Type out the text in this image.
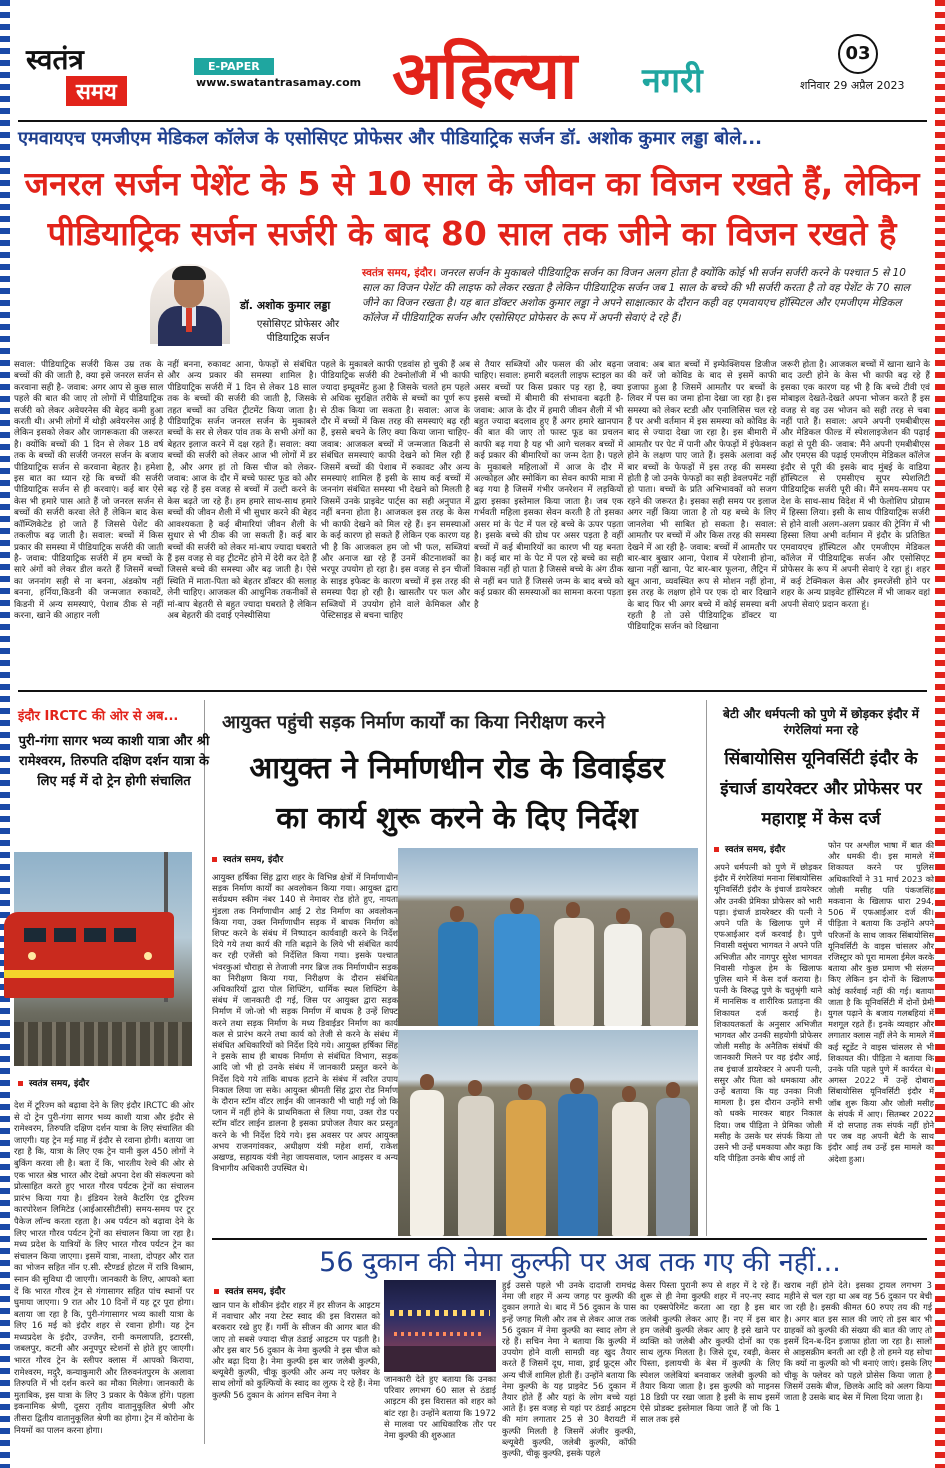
स्वतंत्र
समय
E-PAPER
www.swatantrasamay.com अहिल्या नगरी
03
शनिवार 29 अप्रैल 2023
एमवायएच एमजीएम मेडिकल कॉलेज के एसोसिएट प्रोफेसर और पीडियाट्रिक सर्जन डॉ. अशोक कुमार लड्डा बोले...
जनरल सर्जन पेशेंट के 5 से 10 साल के जीवन का विजन रखते हैं, लेकिन
पीडियाट्रिक सर्जन सर्जरी के बाद 80 साल तक जीने का विजन रखते है
डॉ. अशोक कुमार लड्डा
एसोसिएट प्रोफेसर और पीडियाट्रिक सर्जन
स्वतंत्र समय, इंदौर। जनरल सर्जन के मुकाबले पीडियाट्रिक सर्जन का विजन अलग होता है क्योंकि कोई भी सर्जन सर्जरी करने के पश्चात 5 से 10 साल का विजन पेशेंट की लाइफ को लेकर रखता है लेकिन पीडियाट्रिक सर्जन जब 1 साल के बच्चे की भी सर्जरी करता है तो वह पेशेंट के 70 साल जीने का विजन रखता है। यह बात डॉक्टर अशोक कुमार लड्डा ने अपने साक्षात्कार के दौरान कही वह एमवायएच हॉस्पिटल और एमजीएम मेडिकल कॉलेज में पीडियाट्रिक सर्जन और एसोसिएट प्रोफेसर के रूप में अपनी सेवाएं दे रहे हैं।
सवाल: पीडियाट्रिक सर्जरी किस उम्र तक के बच्चों की की जाती है, क्या इसे जनरल सर्जन से करवाना सही है- जवाब: अगर आप से कुछ साल पहले की बात की जाए तो लोगों में पीडियाट्रिक सर्जरी को लेकर अवेयरनेस की बेहद कमी हुआ करती थी। अभी लोगों में थोड़ी अवेयरनेस आई है लेकिन इसको लेकर और जागरूकता की जरूरत है। क्योंकि बच्चों की 1 दिन से लेकर 18 वर्ष तक के बच्चों की सर्जरी जनरल सर्जन के बजाय पीडियाट्रिक सर्जन से करवाना बेहतर है। हमेशा इस बात का ध्यान रहे कि बच्चों की सर्जरी पीडियाट्रिक सर्जन से ही करवाएं। कई बार ऐसे केस भी हमारे पास आते हैं जो जनरल सर्जन से बच्चों की सर्जरी करवा लेते हैं लेकिन बाद केस कॉम्प्लिकेटेड हो जाते हैं जिससे पेशेंट की तकलीफ बढ़ जाती है। सवाल: बच्चों में किस प्रकार की समस्या में पीडियाट्रिक सर्जरी की जाती है- जवाब: पीडियाट्रिक सर्जरी में हम बच्चों के सारे अंगों को लेकर डील करते हैं जिसमें बच्चों का जननांग सही से ना बनना, अंडकोष नहीं बनना, हर्निया,किडनी की जन्मजात रुकावटें, किडनी में अन्य समस्याएं, पेशाब ठीक से नहीं करना, खाने की आहार नली
नहीं बनना, रुकावट आना, फेफड़ों से संबंधित और अन्य प्रकार की समस्या शामिल है। पीडियाट्रिक सर्जरी में 1 दिन से लेकर 18 साल तक के बच्चों की सर्जरी की जाती है, जिसके तहत बच्चों का उचित ट्रीटमेंट किया जाता है। पीडियाट्रिक सर्जन जनरल सर्जन के मुकाबले बच्चों के सर से लेकर पांव तक के सभी अंगों का बेहतर इलाज करने में दक्ष रहते हैं। सवाल: क्या बच्चों की सर्जरी को लेकर आज भी लोगों में डर है, और अगर हां तो किस चीज को लेकर- जवाब: आज के दौर में बच्चे फास्ट फूड को और बढ़ रहे हैं इस वजह से बच्चों में उल्टी करने के केस बढ़ते जा रहे हैं। हम हमारे साथ-साथ हमारे बच्चों की जीवन शैली में भी सुधार करने की बेहद आवश्यकता है कई बीमारियां जीवन शैली के सुधार से भी ठीक की जा सकती हैं। कई बार बच्चों की सर्जरी को लेकर मां-बाप ज्यादा घबराते हैं इस वजह से वह ट्रीटमेंट होने में देरी कर देते हैं जिससे बच्चे की समस्या और बढ़ जाती है। ऐसे स्थिति में माता-पिता को बेहतर डॉक्टर की सलाह लेनी चाहिए। आजकल की आधुनिक तकनीकों से मां-बाप बेहतरी से बहुत ज्यादा घबराते है लेकिन अब बेहतरी की दवाई एनेस्थीसिया
पहले के मुकाबले काफी एडवांस हो चुकी हैं अब पीडियाट्रिक सर्जरी की टेक्नोलॉजी में भी काफी ज्यादा इम्प्रूवमेंट हुआ है जिसके चलते हम पहले से अधिक सुरक्षित तरीके से बच्चों का पूर्ण रूप से ठीक किया जा सकता है। सवाल: आज के दौर में बच्चों में किस तरह की समस्याएं बढ़ रही हैं, इससे बचने के लिए क्या किया जाना चाहिए- जवाब: आजकल बच्चों में जन्मजात किडनी से संबंधित समस्याएं काफी देखने को मिल रही हैं जिसमें बच्चों की पेशाब में रुकावट और अन्य समस्याएं शामिल हैं इसी के साथ कई बच्चों में जननांग संबंधित समस्या भी देखने को मिलती है जिसमें उनके प्राइवेट पार्ट्स का सही अनुपात में नहीं बनना होता है। आजकल इस तरह के केस भी काफी देखने को मिल रहे हैं। इन समस्याओं के कई कारण हो सकते हैं लेकिन एक कारण यह भी है कि आजकल हम जो भी फल, सब्जियां और अनाज खा रहे हैं उनमें कीटनाशकों का भरपूर उपयोग हो रहा है। इस वजह से इन चीजों के साइड इफेक्ट के कारण बच्चों में इस तरह की समस्या पैदा हो रही है। खासतौर पर फल और सब्जियों में उपयोग होने वाले केमिकल और पेस्टिसाइड से बचना चाहिए
से तैयार सब्जियों और फसल की ओर बढ़ना चाहिए। सवाल: हमारी बदलती लाइफ स्टाइल का असर बच्चों पर किस प्रकार पड़ रहा है, क्या इससे बच्चों में बीमारी की संभावना बढ़ती है- जवाब: आज के दौर में हमारी जीवन शैली में भी बहुत ज्यादा बदलाव हुए हैं अगर हमारे खानपान की बात की जाए तो फास्ट फूड का प्रचलन काफी बढ़ गया है यह भी आगे चलकर बच्चों में कई प्रकार की बीमारियों का जन्म देता है। पहले के मुकाबले महिलाओं में आज के दौर में अल्कोहल और स्मोकिंग का सेवन काफी मात्रा में बढ़ गया है जिसमें गंभीर जनरेशन में लड़कियों द्वारा इसका इस्तेमाल किया जाता है। जब एक गर्भवती महिला इसका सेवन करती है तो इसका असर मां के पेट में पल रहे बच्चे के ऊपर पड़ता है। इसके बच्चे की ग्रोथ पर असर पड़ता है वहीं बच्चों में कई बीमारियों का कारण भी यह बनता है। कई बार मां के पेट में पल रहे बच्चे का सही विकास नहीं हो पाता है जिससे बच्चे के अंग ठीक से नहीं बन पाते हैं जिससे जन्म के बाद बच्चे को कई प्रकार की समस्याओं का सामना करना पड़ता है
जवाब: अब बात बच्चों में इम्फेक्शियस डिजीज की करें जो कोविड के बाद से इसमें काफी इजाफा हुआ है जिसमें आमतौर पर बच्चों के लिवर में पस का जमा होना देखा जा रहा है। इस समस्या को लेकर स्टडी और एनालिसिस चल रहे हैं पर अभी वर्तमान में इस समस्या को कोविड के बाद से ज्यादा देखा जा रहा है। इस बीमारी में आमतौर पर पेट में पानी और फेफड़ों में इंफेक्शन होने के लक्षण पाए जाते हैं। इसके अलावा कई बार बच्चों के फेफड़ों में इस तरह की समस्या होती है जो उनके फेफड़ों का सही डेवलपमेंट नहीं हो पाता। बच्चों के प्रति अभिभावकों को सजग रहने की जरूरत है। इसका सही समय पर इलाज अगर नहीं किया जाता है तो यह बच्चे के लिए जानलेवा भी साबित हो सकता है। सवाल: आमतौर पर बच्चों में और किस तरह की समस्या देखने में आ रही है- जवाब: बच्चों में आमतौर पर बार-बार बुखार आना, पेशाब में परेशानी होना, खाना नहीं खाना, पेट बार-बार फूलना, लैट्रिन में खून आना, व्यवस्थित रूप से मोशन नहीं होना, इस तरह के लक्षण होने पर एक दो बार दिखाने के बाद फिर भी अगर बच्चे में कोई समस्या बनी रहती है तो उसे पीडियाट्रिक डॉक्टर या पीडियाट्रिक सर्जन को दिखाना
जरूरी होता है। आजकल बच्चों में खाना खाने के बाद उल्टी होने के केस भी काफी बढ़ रहे हैं इसका एक कारण यह भी है कि बच्चे टीवी एवं मोबाइल देखते-देखते अपना भोजन करते हैं इस वजह से वह उस भोजन को सही तरह से चबा नहीं पाते हैं। सवाल: अपने अपनी एमबीबीएस और मेडिकल फील्ड में स्पेशलाइजेशन की पढ़ाई कहां से पूरी की- जवाब: मैंने अपनी एमबीबीएस और एमएस की पढ़ाई एमजीएम मेडिकल कॉलेज इंदौर से पूरी की इसके बाद मुंबई के वाडिया हॉस्पिटल से एमसीएच सुपर स्पेशलिटी पीडियाट्रिक सर्जरी पूरी की। मैंने समय-समय पर देश के साथ-साथ विदेश में भी फेलोशिप प्रोग्राम में हिस्सा लिया। इसी के साथ पीडियाट्रिक सर्जरी से होने वाली अलग-अलग प्रकार की ट्रेनिंग में भी हिस्सा लिया अभी वर्तमान में इंदौर के प्रतिष्ठित एमवायएच हॉस्पिटल और एमजीएम मेडिकल कॉलेज में पीडियाट्रिक सर्जन और एसोसिएट प्रोफेसर के रूप में अपनी सेवाएं दे रहा हूं। शहर में कई टेक्निकल केस और इमरजेंसी होने पर शहर के अन्य प्राइवेट हॉस्पिटल में भी जाकर वहां अपनी सेवाएं प्रदान करता हूं।
इंदौर IRCTC की ओर से अब...
पुरी-गंगा सागर भव्य काशी यात्रा और श्री रामेश्वरम, तिरुपति दक्षिण दर्शन यात्रा के लिए मई में दो ट्रेन होगी संचालित
स्वतंत्र समय, इंदौर
देश में टूरिज्म को बढ़ावा देने के लिए इंदौर IRCTC की ओर से दो ट्रेन पुरी-गंगा सागर भव्य काशी यात्रा और इंदौर से रामेश्वरम, तिरुपति दक्षिण दर्शन यात्रा के लिए संचालित की जाएगी। यह ट्रेन मई माह में इंदौर से रवाना होगी। बताया जा रहा है कि, यात्रा के लिए एक ट्रेन यानी कुल 450 लोगों ने बुकिंग करवा ली है। बता दें कि, भारतीय रेल्वे की ओर से एक भारत श्रेष्ठ भारत और देखो अपना देश की संकल्पना को प्रोत्साहित करते हुए भारत गौरव पर्यटक ट्रेनों का संचालन प्रारंभ किया गया है। इंडियन रेलवे कैटरिंग एंड टूरिज्म कारपोरेशन लिमिटेड (आईआरसीटीसी) समय-समय पर टूर पैकेज लॉन्च करता रहता है। अब पर्यटन को बढ़ावा देने के लिए भारत गौरव पर्यटन ट्रेनों का संचालन किया जा रहा है। मध्य प्रदेश के यात्रियों के लिए भारत गौरव पर्यटन ट्रेन का संचालन किया जाएगा। इसमें यात्रा, नाश्ता, दोपहर और रात का भोजन सहित नॉन ए.सी. स्टैण्डर्ड होटल में रात्रि विश्राम, स्नान की सुविधा दी जाएगी। जानकारी के लिए, आपको बता दें कि भारत गौरव ट्रेन से गंगासागर सहित पांच स्थानों पर घुमाया जाएगा। 9 रात और 10 दिनों में यह टूर पूरा होगा। बताया जा रहा है कि, पुरी-गंगासागर भव्य काशी यात्रा के लिए 16 मई को इंदौर शहर से रवाना होगी। यह ट्रेन मध्यप्रदेश के इंदौर, उज्जैन, रानी कमलापति, इटारसी, जबलपुर, कटनी और अनूपपुर स्टेशनों से होते हुए जाएगी। भारत गौरव ट्रेन के स्लीपर क्लास में आपको किराया, रामेश्वरम, मदुरै, कन्याकुमारी और तिरुवनंतपुरम के अलावा तिरुपति में भी दर्शन करने का मौका मिलेगा। जानकारी के मुताबिक, इस यात्रा के लिए 3 प्रकार के पैकेज होंगे। पहला इकनामिक श्रेणी, दूसरा तृतीय वातानुकूलित श्रेणी और तीसरा द्वितीय वातानुकूलित श्रेणी का होगा। ट्रेन में कोरोना के नियमों का पालन करना होगा।
आयुक्त पहुंची सड़क निर्माण कार्यों का किया निरीक्षण करने
आयुक्त ने निर्माणधीन रोड के डिवाईडर
का कार्य शुरू करने के दिए निर्देश
स्वतंत्र समय, इंदौर
आयुक्त हर्षिका सिंह द्वारा शहर के विभिन्न क्षेत्रों में निर्माणाधीन सड़क निर्माण कार्यों का अवलोकन किया गया। आयुक्त द्वारा सर्वप्रथम स्कीम नंबर 140 से नेमावर रोड होते हुए, नायता मुंडला तक निर्माणाधीन आई 2 रोड निर्माण का अवलोकन किया गया, उक्त निर्माणाधीन सड़क में बाधक निर्माण को शिफ्ट करने के संबंध में निष्पादन कार्यवाही करने के निर्देश दिये गये तथा कार्य की गति बढ़ाने के लिये भी संबंधित कार्य कर रही एजेंसी को निर्देशित किया गया। इसके पश्चात भंवरकुआं चौराहा से तेजाजी नगर ब्रिज तक निर्माणधीन सड़क का निरीक्षण किया गया, निरीक्षण के दौरान संबंधित अधिकारियों द्वारा पोल शिफ्टिंग, धार्मिक स्थल शिफ्टिंग के संबंध में जानकारी दी गई, जिस पर आयुक्त द्वारा सड़क निर्माण में जो-जो भी सड़क निर्माण में बाधक है उन्हें शिफ्ट करने तथा सड़क निर्माण के मध्य डिवाईडर निर्माण का कार्य कल से प्रारंभ करने तथा कार्य को तेजी से करने के संबंध में संबंधित अधिकारियों को निर्देश दिये गये। आयुक्त हर्षिका सिंह ने इसके साथ ही बाधक निर्माण से संबंधित विभाग, सड़क आदि जो भी हो उनके संबंध में जानकारी प्रस्तुत करने के निर्देश दिये गये तांकि बाधक हटाने के संबंध में त्वरित उपाय निकाल लिया जा सके। आयुक्त श्रीमती सिंह द्वारा रोड निर्माण के दौरान स्टॉम वॉटर लाईन की जानकारी भी चाही गई जो कि प्लान में नहीं होने के प्राथमिकता से लिया गया, उक्त रोड पर स्टॉम वॉटर लाईन डालना है इसका प्रपोजल तैयार कर प्रस्तुत करने के भी निर्देश दिये गये। इस अवसर पर अपर आयुक्त अभय राजनगांवकर, अधीक्षण यंत्री महेश शर्मा, राकेश अखण्ड, सहायक यंत्री नेहा जायसवाल, प्लान आइसर व अन्य विभागीय अधिकारी उपस्थित थे।
बेटी और धर्मपत्नी को पुणे में छोड़कर इंदौर में रंगरेलियां मना रहे
सिंबायोसिस यूनिवर्सिटी इंदौर के इंचार्ज डायरेक्टर और प्रोफेसर पर महाराष्ट्र में केस दर्ज
स्वतंत्र समय, इंदौर
अपने धर्मपत्नी को पुणे में छोड़कर इंदौर में रंगरेलियां मनाना सिंबायोसिस यूनिवर्सिटी इंदौर के इंचार्ज डायरेक्टर और उनकी प्रेमिका प्रोफेसर को भारी पड़ा। इंचार्ज डायरेक्टर की पत्नी ने अपने पति के खिलाफ पुणे में एफआईआर दर्ज करवाई है। पुणे निवासी वसुंधरा भागवत ने अपने पति अभिजीत और नागपुर सुरेश भागवत निवासी गोकुल हेम के खिलाफ पुलिस थाने में केस दर्ज कराया है। पत्नी के विरुद्ध पुणे के चतुश्रृंगी थाने में मानसिक व शारीरिक प्रताड़ना की शिकायत दर्ज कराई है। शिकायतकर्ता के अनुसार अभिजीत भागवत और उनकी सहयोगी प्रोफेसर जोली मसीह के अनैतिक संबंधों की जानकारी मिलने पर वह इंदौर आई, तब इंचार्ज डायरेक्टर ने अपनी पत्नी, ससुर और पिता को धमकाया और उन्हें बताया कि यह उनका निजी मामला है। इस दौरान उन्होंने सभी को धक्के मारकर बाहर निकाल दिया। जब पीड़िता ने प्रेमिका जोली मसीह के उसके घर संपर्क किया तो उसने भी उन्हें धमकाया और कहा कि यदि पीड़िता उनके बीच आई तो
फोन पर अश्लील भाषा में बात की और धमकी दी। इस मामले में शिकायत करने पर पुलिस अधिकारियों ने 31 मार्च 2023 को जोली मसीह पति पंकजसिंह मकवाना के खिलाफ धारा 294, 506 में एफआईआर दर्ज की। पीड़िता ने बताया कि उन्होंने अपने परिजनों के साथ जाकर सिंबायोसिस यूनिवर्सिटी के वाइस चांसलर और रजिस्ट्रार को पूरा मामला ईमेल करके बताया और कुछ प्रमाण भी संलग्न किए लेकिन इन दोनों के खिलाफ कोई कार्रवाई नहीं की गई। बताया जाता है कि यूनिवर्सिटी में दोनों प्रेमी युगल पढ़ाने के बजाय गलबहियां में मशगूल रहते हैं। इनके व्यवहार और लगातार क्लास नहीं लेने के मामले में कई स्टूडेंट ने वाइस चांसलर से भी शिकायत की। पीड़िता ने बताया कि उनके पति पहले पुणे में कार्यरत थे। अगस्त 2022 में उन्हें दोबारा सिंबायोसिस यूनिवर्सिटी इंदौर में जॉब शुरू किया और जोली मसीह के संपर्क में आए। सितम्बर 2022 में दो सप्ताह तक संपर्क नहीं होने पर जब वह अपनी बेटी के साथ इंदौर आई तब उन्हें इस मामले का अंदेशा हुआ।
56 दुकान की नेमा कुल्फी पर अब तक गए की नहीं...
स्वतंत्र समय, इंदौर
खान पान के शौकीन इंदौर शहर में हर सीजन के आइटम में नवाचार और नया टेस्ट स्वाद की इस विरासत को बरकरार रखे हुए हैं। गर्मी के सीजन की आगर बात की जाए तो सबसे ज्यादा चीज़ ठंडाई आइटम पर पड़ती है। और इस बार 56 दुकान के नेमा कुल्फी ने इस चीज को और बढ़ा दिया है। नेमा कुल्फी इस बार जलेबी कुल्फी, ब्ल्यूबेरी कुल्फी, चीकू कुल्फी और अन्य नए फ्लेवर के साथ लोगों को कुल्फियों के स्वाद का लुत्फ दे रहे हैं। नेमा कुल्फी 56 दुकान के आंगन सचिन नेमा ने
जानकारी देते हुए बताया कि उनका परिवार लगभग 60 साल से ठंडाई आइटम की इस विरासत को शहर को बांट रहा है। उन्होंने बताया कि 1972 से मालवा पर आधिकारिक तौर पर नेमा कुल्फी की शुरुआत
हुई उससे पहले भी उनके दादाजी रामचंद्र नेमा जी शहर में अन्य जगह पर कुल्फी की दुकान लगाते थे। बाद में 56 दुकान के पास इन्हें जगह मिली और तब से लेकर आज तक 56 दुकान में नेमा कुल्फी का स्वाद लोग ले रहे हैं। सचिन नेमा ने बताया कि कुल्फी में उपयोग होने वाली सामग्री वह खुद तैयार करते हैं जिसमें दूध, मावा, ड्राई फ्रूट्स और अन्य चीजें शामिल होती हैं। उन्होंने बताया कि नेमा कुल्फी के यह प्राइवेट 56 दुकान में तैयार होते हैं और यहां के लोग बच्चे यहां आते हैं। इस वजह से यहां पर ठंडाई आइटम की मांग लगातार 25 से 30 वैरायटी में कुल्फी मिलती है जिसमें अंजीर कुल्फी, ब्ल्यूबेरी कुल्फी, जलेबी कुल्फी, कॉफी कुल्फी, चीकू कुल्फी, इसके पहले
केसर पिस्ता पुरानी रूप से शहर में दे रहे हैं। शुरू से ही नेमा कुल्फी शहर में नए-नए स्वाद का एक्सपेरिमेंट करता आ रहा है इस बार जलेबी कुल्फी लेकर आए हैं। नए में इस बार हम जलेबी कुल्फी लेकर आए है इसे खाने पर व्यक्ति को जलेबी और कुल्फी दोनों का एक साथ लुत्फ मिलता है। जिसे दूध, रबड़ी, केसर पिस्ता, इलायची के बेस में कुल्फी के लिए स्पेशल जलेबियां बनवाकर जलेबी कुल्फी को तैयार किया जाता है। इस कुल्फी को माइनस 18 डिग्री पर रखा जाता है इसी के साथ इसमें ऐसे प्रोडक्ट इस्तेमाल किया जाते हैं जो कि 1 साल तक इसे
खराब नहीं होने देते। इसका ट्रायल लगभग 3 महीने से चल रहा था अब वह 56 दुकान पर बेची जा रही है। इसकी कीमत 60 रुपए तय की गई है। अगर बात इस साल की जाएं तो इस बार भी ग्राहकों को कुल्फी की संख्या की बात की जाए तो इसमें दिन-ब-दिन इजाफा होता जा रहा है। सालों से आइसक्रीम बनती आ रही है तो हमने यह सोचा कि क्यों ना कुल्फी को भी बनाएं जाएं। इसके लिए चीकू के फ्लेवर को पहले प्रोसेस किया जाता है जिसमें उसके बीज, छिलके आदि को अलग किया जाता है उसके बाद बेस में मिला दिया जाता है।
